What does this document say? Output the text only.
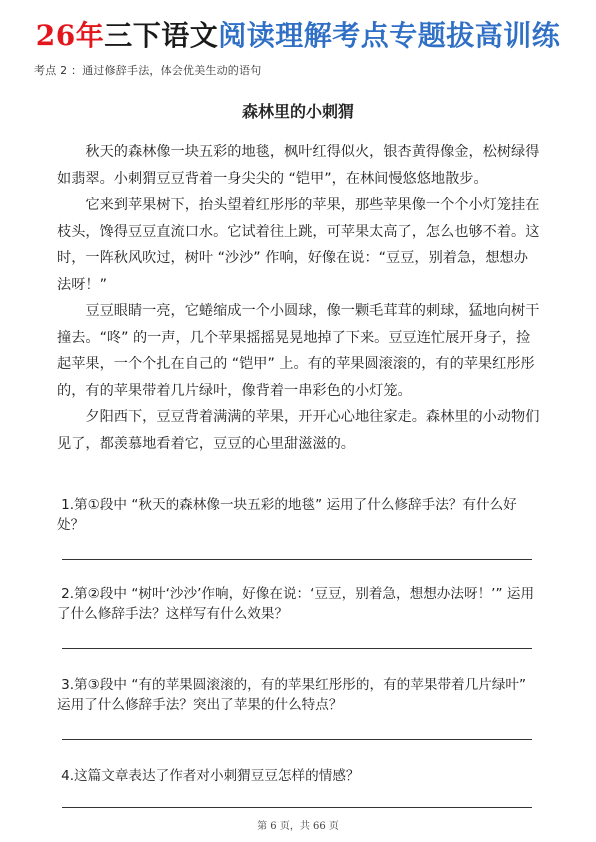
26年三下语文阅读理解考点专题拔高训练
考点 2 ：通过修辞手法，体会优美生动的语句
森林里的小刺猬

秋天的森林像一块五彩的地毯，枫叶红得似火，银杏黄得像金，松树绿得如翡翠。小刺猬豆豆背着一身尖尖的 “铠甲”，在林间慢悠悠地散步。

它来到苹果树下，抬头望着红彤彤的苹果，那些苹果像一个个小灯笼挂在枝头，馋得豆豆直流口水。它试着往上跳，可苹果太高了，怎么也够不着。这时，一阵秋风吹过，树叶 “沙沙” 作响，好像在说：“豆豆，别着急，想想办法呀！”

豆豆眼睛一亮，它蜷缩成一个小圆球，像一颗毛茸茸的刺球，猛地向树干撞去。“咚” 的一声，几个苹果摇摇晃晃地掉了下来。豆豆连忙展开身子，捡起苹果，一个个扎在自己的 “铠甲” 上。有的苹果圆滚滚的，有的苹果红彤彤的，有的苹果带着几片绿叶，像背着一串彩色的小灯笼。

夕阳西下，豆豆背着满满的苹果，开开心心地往家走。森林里的小动物们见了，都羡慕地看着它，豆豆的心里甜滋滋的。

1.第①段中 “秋天的森林像一块五彩的地毯” 运用了什么修辞手法？有什么好处？
2.第②段中 “树叶‘沙沙’作响，好像在说：‘豆豆，别着急，想想办法呀！’” 运用了什么修辞手法？这样写有什么效果？
3.第③段中 “有的苹果圆滚滚的，有的苹果红彤彤的，有的苹果带着几片绿叶” 运用了什么修辞手法？突出了苹果的什么特点？
4.这篇文章表达了作者对小刺猬豆豆怎样的情感？
第 6 页，共 66 页
